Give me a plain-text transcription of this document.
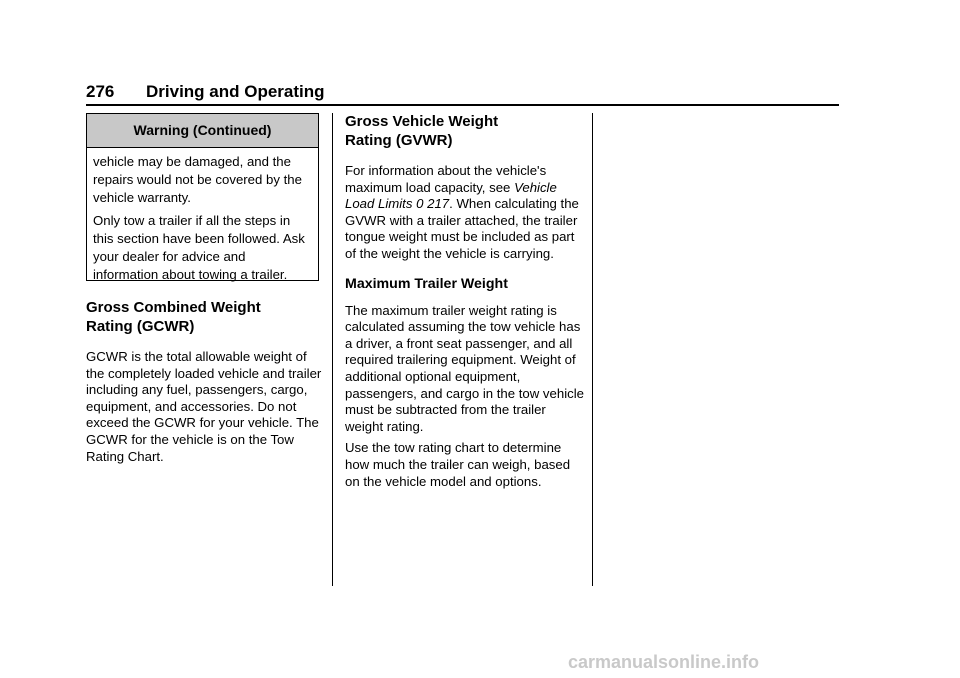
276 Driving and Operating
Warning (Continued)

vehicle may be damaged, and the repairs would not be covered by the vehicle warranty.

Only tow a trailer if all the steps in this section have been followed. Ask your dealer for advice and information about towing a trailer.

Gross Combined Weight
Rating (GCWR)

GCWR is the total allowable weight of the completely loaded vehicle and trailer including any fuel, passengers, cargo, equipment, and accessories. Do not exceed the GCWR for your vehicle. The GCWR for the vehicle is on the Tow Rating Chart.

Gross Vehicle Weight
Rating (GVWR)

For information about the vehicle's maximum load capacity, see Vehicle Load Limits 0 217. When calculating the GVWR with a trailer attached, the trailer tongue weight must be included as part of the weight the vehicle is carrying.

Maximum Trailer Weight

The maximum trailer weight rating is calculated assuming the tow vehicle has a driver, a front seat passenger, and all required trailering equipment. Weight of additional optional equipment, passengers, and cargo in the tow vehicle must be subtracted from the trailer weight rating.

Use the tow rating chart to determine how much the trailer can weigh, based on the vehicle model and options.

carmanualsonline.info
